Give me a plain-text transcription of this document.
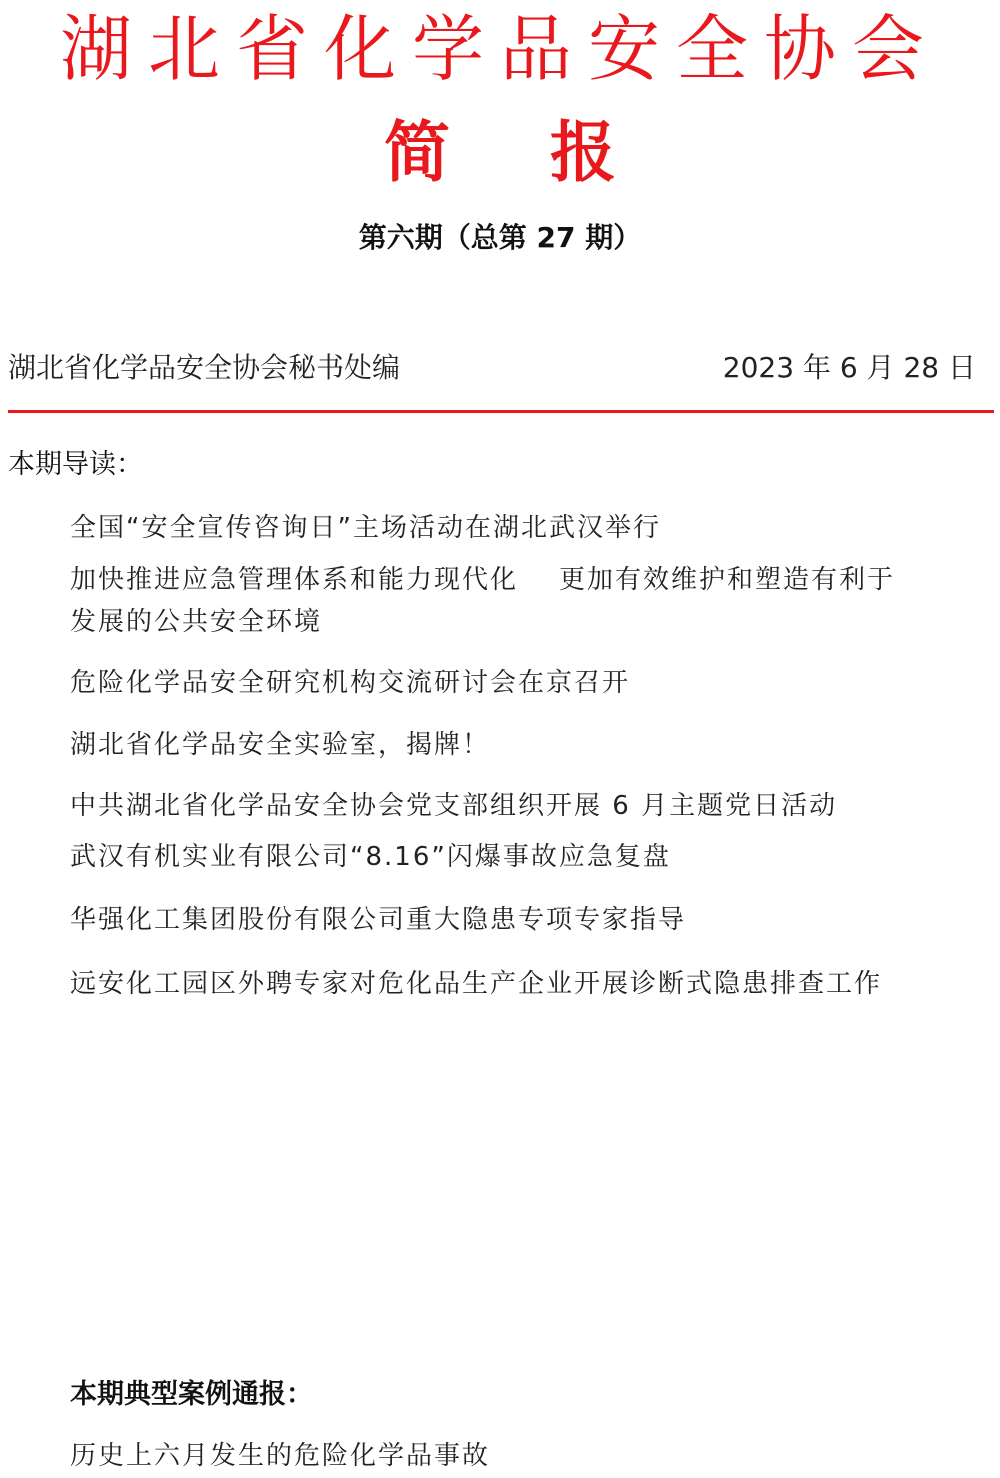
湖北省化学品安全协会
简 报
第六期（总第 27 期）
湖北省化学品安全协会秘书处编	2023 年 6 月 28 日
本期导读：
全国“安全宣传咨询日”主场活动在湖北武汉举行
加快推进应急管理体系和能力现代化    更加有效维护和塑造有利于
发展的公共安全环境
危险化学品安全研究机构交流研讨会在京召开
湖北省化学品安全实验室，揭牌！
中共湖北省化学品安全协会党支部组织开展 6 月主题党日活动
武汉有机实业有限公司“8.16”闪爆事故应急复盘
华强化工集团股份有限公司重大隐患专项专家指导
远安化工园区外聘专家对危化品生产企业开展诊断式隐患排查工作
本期典型案例通报：
历史上六月发生的危险化学品事故
